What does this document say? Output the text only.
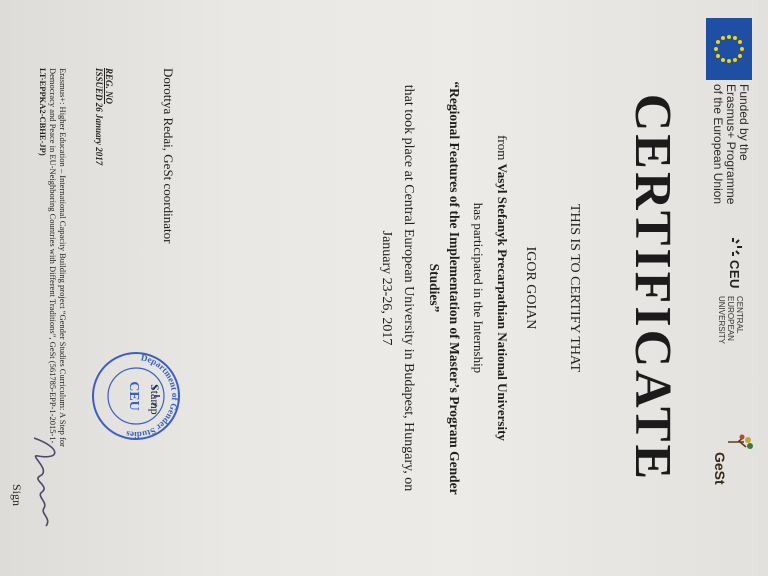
Funded by the
Erasmus+ Programme
of the European Union
CEU
CENTRAL
EUROPEAN
UNIVERSITY
GeSt
CERTIFICATE
THIS IS TO CERTIFY THAT
IGOR GOIAN
from Vasyl Stefanyk Precarpathian National University
has participated in the Internship
“Regional Features of the Implementation of Master’s Program Gender
Studies”
that took place at Central European University in Budapest, Hungary, on
January 23-26, 2017
Dorottya Redai, GeSt coordinator
CEU
Department of Gender Studies
Stamp
Sign
REG. NO
ISSUED 26 January 2017
Erasmus+: Higher Education – International Capacity Building project “Gender Studies Curriculum: A Step for
Democracy and Peace in EU-Neighboring Countries with Different Traditions”, GeSt (561785-EPP-1-2015-1-
LT-EPPKA2-CBHE-JP)
